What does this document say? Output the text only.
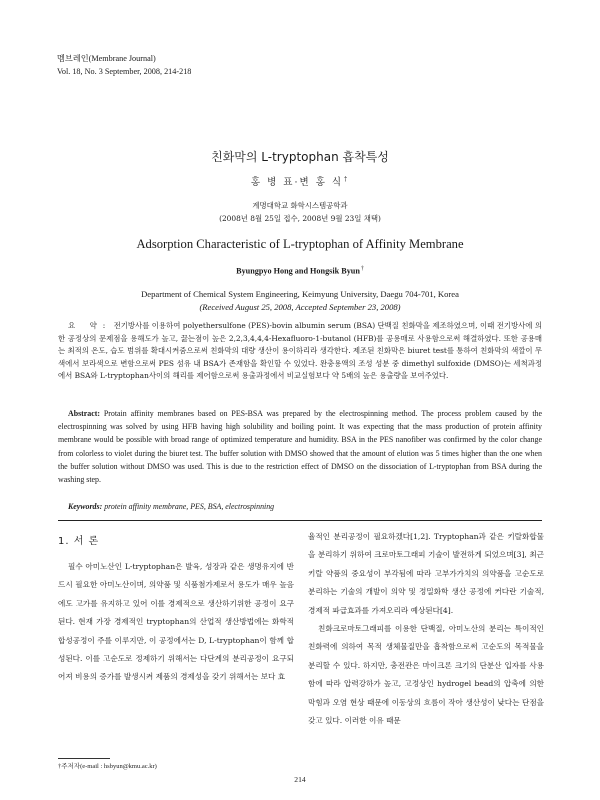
멤브레인(Membrane Journal)
Vol. 18, No. 3 September, 2008, 214-218
친화막의 L-tryptophan 흡착특성
홍 병 표·변 홍 식†
계명대학교 화학시스템공학과
(2008년 8월 25일 접수, 2008년 9월 23일 채택)
Adsorption Characteristic of L-tryptophan of Affinity Membrane
Byungpyo Hong and Hongsik Byun†
Department of Chemical System Engineering, Keimyung University, Daegu 704-701, Korea
(Received August 25, 2008, Accepted September 23, 2008)
요 약: 전기방사를 이용하여 polyethersulfone (PES)-bovin albumin serum (BSA) 단백질 친화막을 제조하였으며, 이때 전기방사에 의한 공정상의 문제점을 용해도가 높고, 끓는점이 높은 2,2,3,4,4,4-Hexafluoro-1-butanol (HFB)를 공용매로 사용함으로써 해결하였다. 또한 공용매는 최적의 온도, 습도 범위를 확대시켜줌으로써 친화막의 대량 생산이 용이하리라 생각한다. 제조된 친화막은 biuret test를 통하여 친화막의 색깔이 무색에서 보라색으로 변함으로써 PES 섬유 내 BSA가 존재함을 확인할 수 있었다. 완충용액의 조성 성분 중 dimethyl sulfoxide (DMSO)는 세척과정에서 BSA와 L-tryptophan사이의 해리를 제어함으로써 용출과정에서 비교실험보다 약 5배의 높은 용출량을 보여주었다.
Abstract: Protain affinity membranes based on PES-BSA was prepared by the electrospinning method. The process problem caused by the electrospinning was solved by using HFB having high solubility and boiling point. It was expecting that the mass production of protein affinity membrane would be possible with broad range of optimized temperature and humidity. BSA in the PES nanofiber was confirmed by the color change from colorless to violet during the biuret test. The buffer solution with DMSO showed that the amount of elution was 5 times higher than the one when the buffer solution without DMSO was used. This is due to the restriction effect of DMSO on the dissociation of L-tryptophan from BSA during the washing step.
Keywords: protein affinity membrane, PES, BSA, electrospinning
1. 서 론
필수 아미노산인 L-tryptophan은 발육, 성장과 같은 생명유지에 반드시 필요한 아미노산이며, 의약품 및 식품첨가제로서 용도가 매우 높음에도 고가를 유지하고 있어 이를 경제적으로 생산하기위한 공정이 요구된다. 현재 가장 경제적인 tryptophan의 산업적 생산방법에는 화학적 합성공정이 주를 이루지만, 이 공정에서는 D, L-tryptophan이 함께 합성된다. 이를 고순도로 정제하기 위해서는 다단계의 분리공정이 요구되어져 비용의 증가를 발생시켜 제품의 경제성을 갖기 위해서는 보다 효

율적인 분리공정이 필요하겠다[1,2]. Tryptophan과 같은 키랄화합물을 분리하기 위하여 크로마토그래피 기술이 발전하게 되었으며[3], 최근 키랄 약품의 중요성이 부각됨에 따라 고부가가치의 의약품을 고순도로 분리하는 기술의 개발이 의약 및 정밀화학 생산 공정에 커다란 기술적, 경제적 파급효과를 가져오리라 예상된다[4].

친화크로마토그래피를 이용한 단백질, 아미노산의 분리는 특이적인 친화력에 의하여 목적 생체물질만을 흡착함으로써 고순도의 목적물을 분리할 수 있다. 하지만, 충전관은 마이크론 크기의 단분산 입자를 사용함에 따라 압력강하가 높고, 고정상인 hydrogel bead의 압축에 의한 막힘과 오염 현상 때문에 이동상의 흐름이 작아 생산성이 낮다는 단점을 갖고 있다. 이러한 이유 때문

†주저자(e-mail : hsbyun@kmu.ac.kr)
214
